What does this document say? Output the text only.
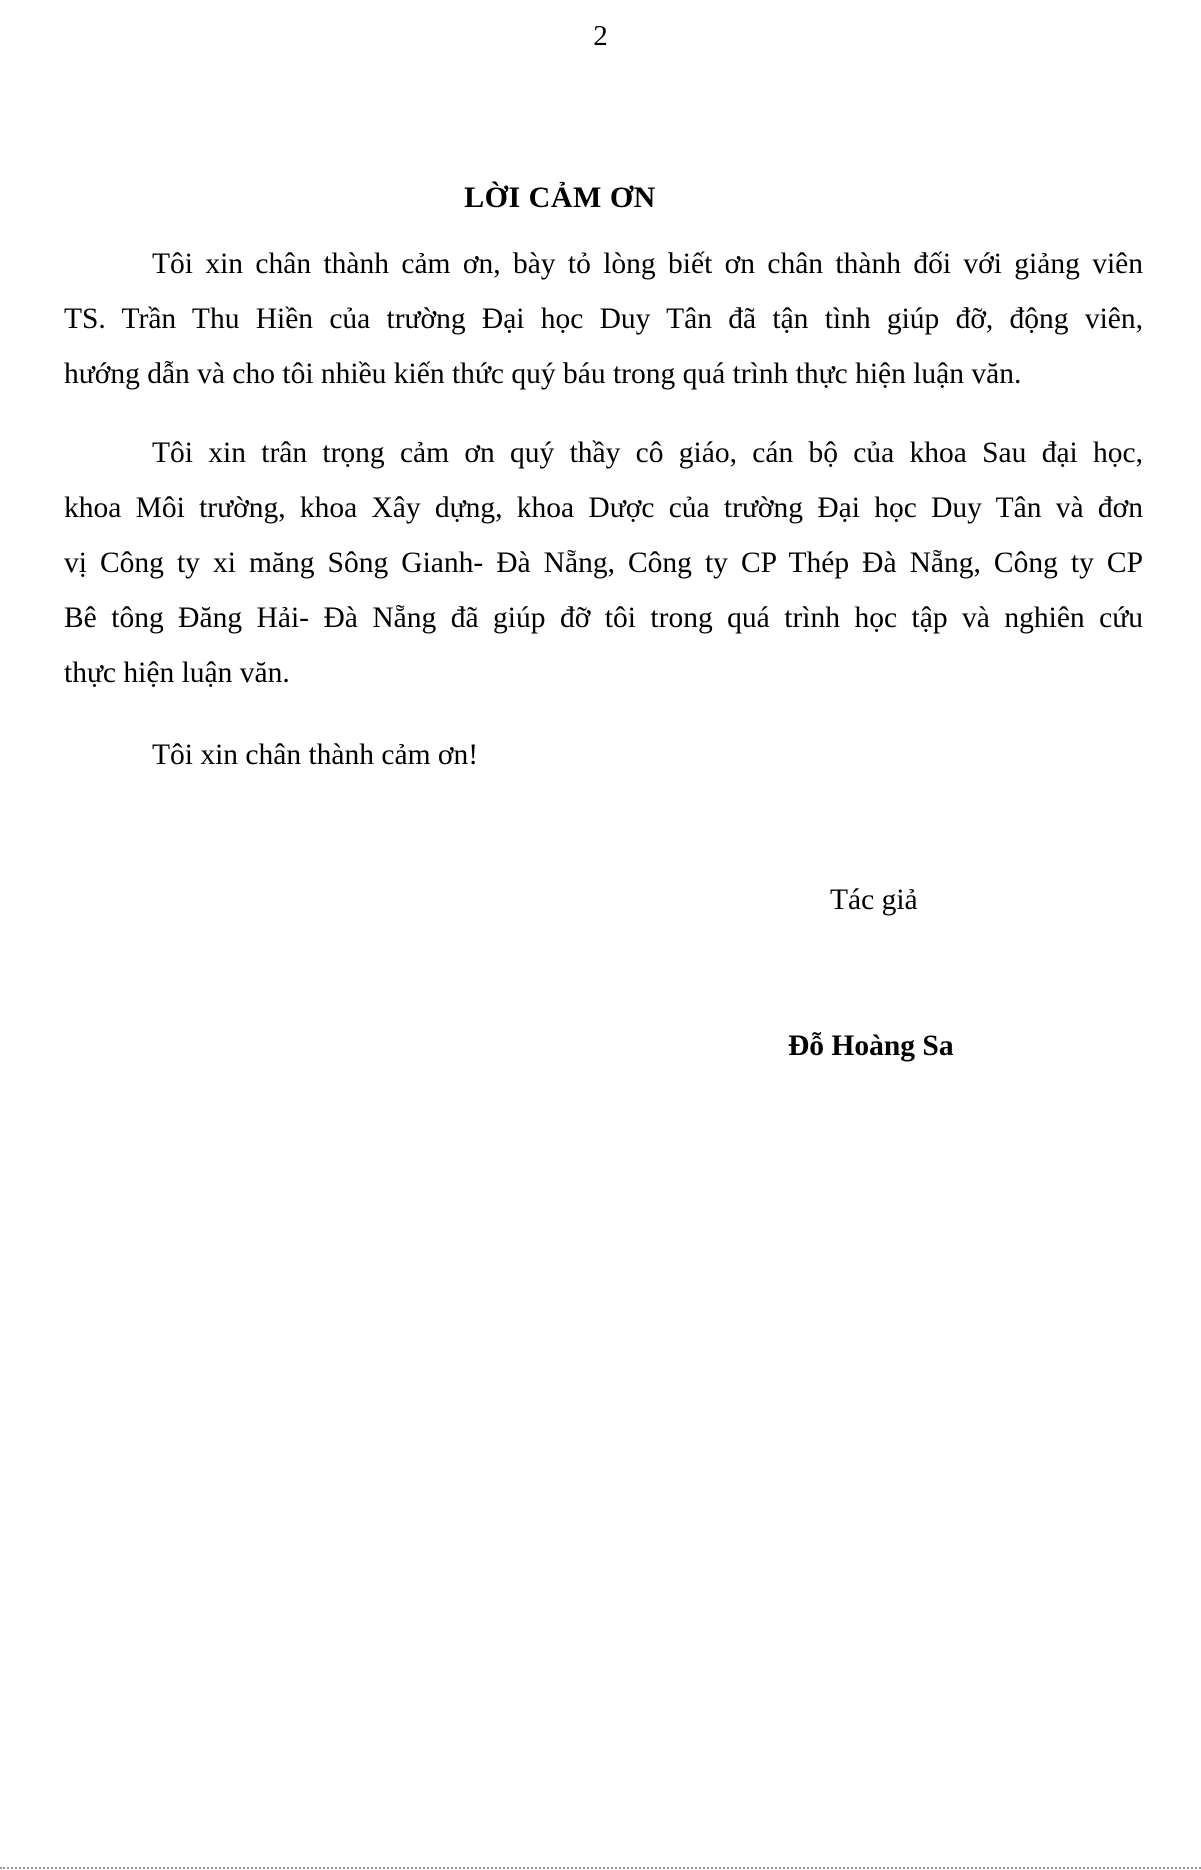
2
LỜI CẢM ƠN

Tôi xin chân thành cảm ơn, bày tỏ lòng biết ơn chân thành đối với giảng viên
TS. Trần Thu Hiền của trường Đại học Duy Tân đã tận tình giúp đỡ, động viên,
hướng dẫn và cho tôi nhiều kiến thức quý báu trong quá trình thực hiện luận văn.

Tôi xin trân trọng cảm ơn quý thầy cô giáo, cán bộ của khoa Sau đại học,
khoa Môi trường, khoa Xây dựng, khoa Dược của trường Đại học Duy Tân và đơn
vị Công ty xi măng Sông Gianh- Đà Nẵng, Công ty CP Thép Đà Nẵng, Công ty CP
Bê tông Đăng Hải- Đà Nẵng đã giúp đỡ tôi trong quá trình học tập và nghiên cứu
thực hiện luận văn.

Tôi xin chân thành cảm ơn!

Tác giả
Đỗ Hoàng Sa
